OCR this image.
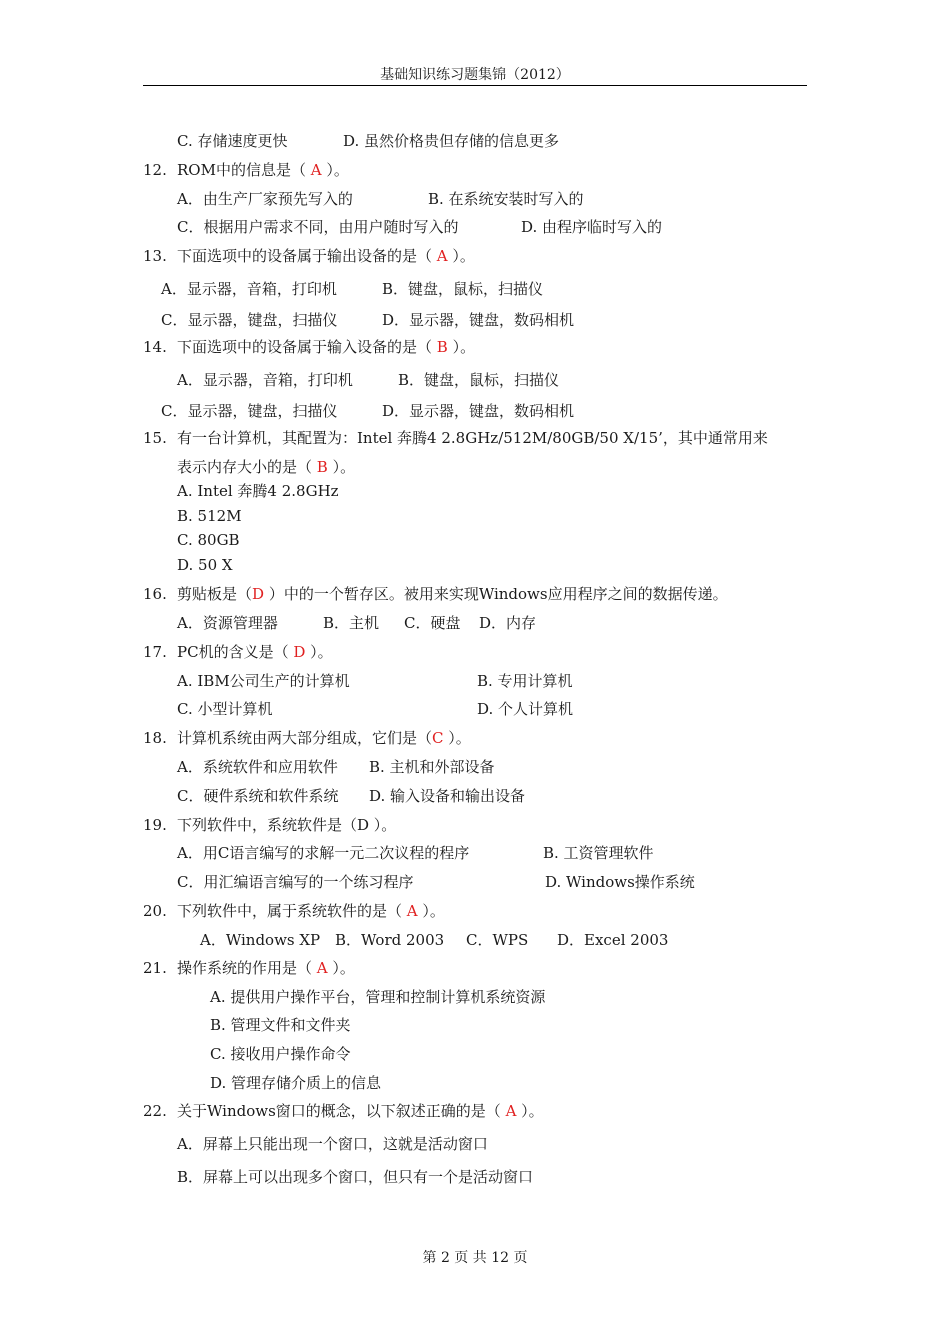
基础知识练习题集锦（2012）
C. 存储速度更快	D. 虽然价格贵但存储的信息更多
12. ROM中的信息是（ A ）。
A．由生产厂家预先写入的	B. 在系统安装时写入的
C．根据用户需求不同，由用户随时写入的	D. 由程序临时写入的
13. 下面选项中的设备属于输出设备的是（ A ）。
A．显示器，音箱，打印机	B．键盘，鼠标，扫描仪
C．显示器，键盘，扫描仪	D．显示器，键盘，数码相机
14. 下面选项中的设备属于输入设备的是（ B ）。
A．显示器，音箱，打印机	B．键盘，鼠标，扫描仪
C．显示器，键盘，扫描仪	D．显示器，键盘，数码相机
15. 有一台计算机，其配置为：Intel 奔腾4 2.8GHz/512M/80GB/50 X/15’，其中通常用来
表示内存大小的是（ B ）。
A. Intel 奔腾4 2.8GHz
B. 512M
C. 80GB
D. 50 X
16. 剪贴板是（D ）中的一个暂存区。被用来实现Windows应用程序之间的数据传递。
A．资源管理器	B．主机 C．硬盘 D．内存
17. PC机的含义是（ D ）。
A. IBM公司生产的计算机	B. 专用计算机
C. 小型计算机	D. 个人计算机
18. 计算机系统由两大部分组成，它们是（C ）。
A．系统软件和应用软件 B. 主机和外部设备
C．硬件系统和软件系统 D. 输入设备和输出设备
19. 下列软件中，系统软件是（D ）。
A．用C语言编写的求解一元二次议程的程序	B. 工资管理软件
C．用汇编语言编写的一个练习程序	D. Windows操作系统
20. 下列软件中，属于系统软件的是（ A ）。
A．Windows XP B．Word 2003 C．WPS D．Excel 2003
21. 操作系统的作用是（ A ）。
A. 提供用户操作平台，管理和控制计算机系统资源
B. 管理文件和文件夹
C. 接收用户操作命令
D. 管理存储介质上的信息
22. 关于Windows窗口的概念，以下叙述正确的是（ A ）。
A．屏幕上只能出现一个窗口，这就是活动窗口
B．屏幕上可以出现多个窗口，但只有一个是活动窗口
第 2 页 共 12 页
